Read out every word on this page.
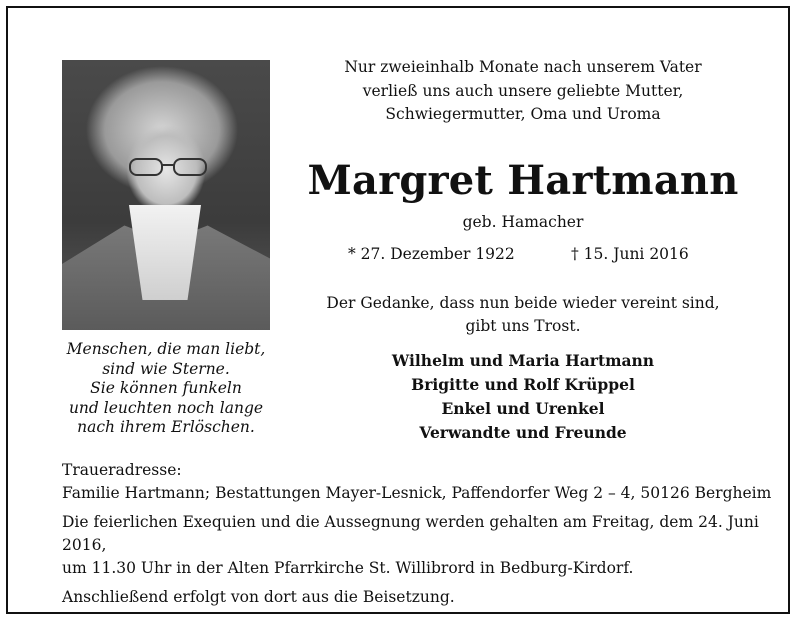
Menschen, die man liebt,
sind wie Sterne.
Sie können funkeln
und leuchten noch lange
nach ihrem Erlöschen.
Nur zweieinhalb Monate nach unserem Vater
verließ uns auch unsere geliebte Mutter,
Schwiegermutter, Oma und Uroma
Margret Hartmann
geb. Hamacher
* 27. Dezember 1922	† 15. Juni 2016
Der Gedanke, dass nun beide wieder vereint sind,
gibt uns Trost.
Wilhelm und Maria Hartmann
Brigitte und Rolf Krüppel
Enkel und Urenkel
Verwandte und Freunde

Traueradresse:

Familie Hartmann; Bestattungen Mayer-Lesnick, Paffendorfer Weg 2 – 4, 50126 Bergheim

Die feierlichen Exequien und die Aussegnung werden gehalten am Freitag, dem 24. Juni 2016,

um 11.30 Uhr in der Alten Pfarrkirche St. Willibrord in Bedburg-Kirdorf.

Anschließend erfolgt von dort aus die Beisetzung.
